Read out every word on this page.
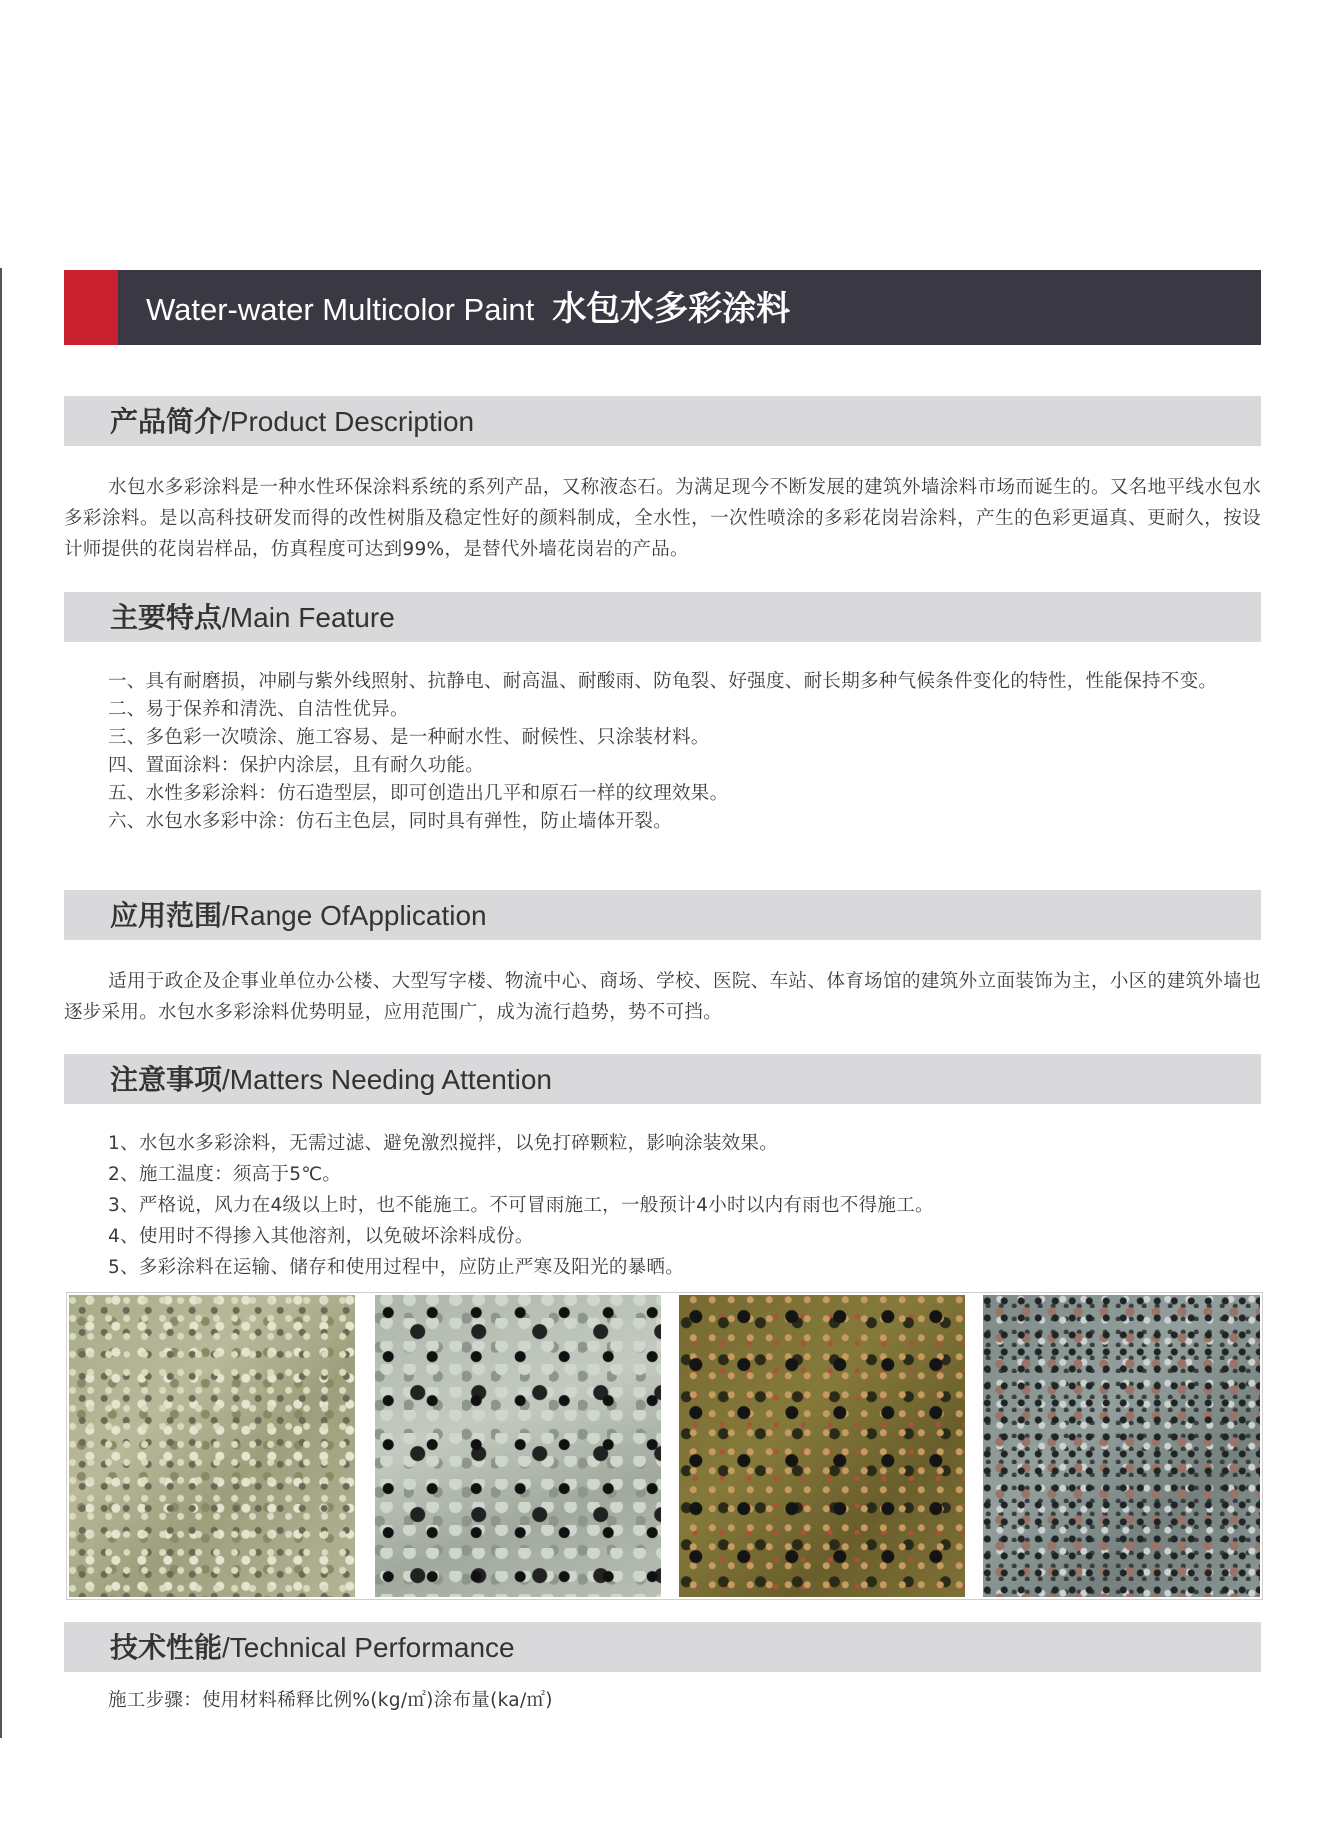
Water-water Multicolor Paint 水包水多彩涂料
产品简介/Product Description
水包水多彩涂料是一种水性环保涂料系统的系列产品，又称液态石。为满足现今不断发展的建筑外墙涂料市场而诞生的。又名地平线水包水多彩涂料。是以高科技研发而得的改性树脂及稳定性好的颜料制成，全水性，一次性喷涂的多彩花岗岩涂料，产生的色彩更逼真、更耐久，按设计师提供的花岗岩样品，仿真程度可达到99%，是替代外墙花岗岩的产品。
主要特点/Main Feature
一、具有耐磨损，冲刷与紫外线照射、抗静电、耐高温、耐酸雨、防龟裂、好强度、耐长期多种气候条件变化的特性，性能保持不变。
二、易于保养和清洗、自洁性优异。
三、多色彩一次喷涂、施工容易、是一种耐水性、耐候性、只涂装材料。
四、置面涂料：保护内涂层，且有耐久功能。
五、水性多彩涂料：仿石造型层，即可创造出几平和原石一样的纹理效果。
六、水包水多彩中涂：仿石主色层，同时具有弹性，防止墙体开裂。
应用范围/Range OfApplication
适用于政企及企事业单位办公楼、大型写字楼、物流中心、商场、学校、医院、车站、体育场馆的建筑外立面装饰为主，小区的建筑外墙也逐步采用。水包水多彩涂料优势明显，应用范围广，成为流行趋势，势不可挡。
注意事项/Matters Needing Attention
1、水包水多彩涂料，无需过滤、避免激烈搅拌，以免打碎颗粒，影响涂装效果。
2、施工温度：须高于5℃。
3、严格说，风力在4级以上时，也不能施工。不可冒雨施工，一般预计4小时以内有雨也不得施工。
4、使用时不得掺入其他溶剂，以免破坏涂料成份。
5、多彩涂料在运输、储存和使用过程中，应防止严寒及阳光的暴晒。
技术性能/Technical Performance
施工步骤：使用材料稀释比例%(kg/㎡)涂布量(ka/㎡)
